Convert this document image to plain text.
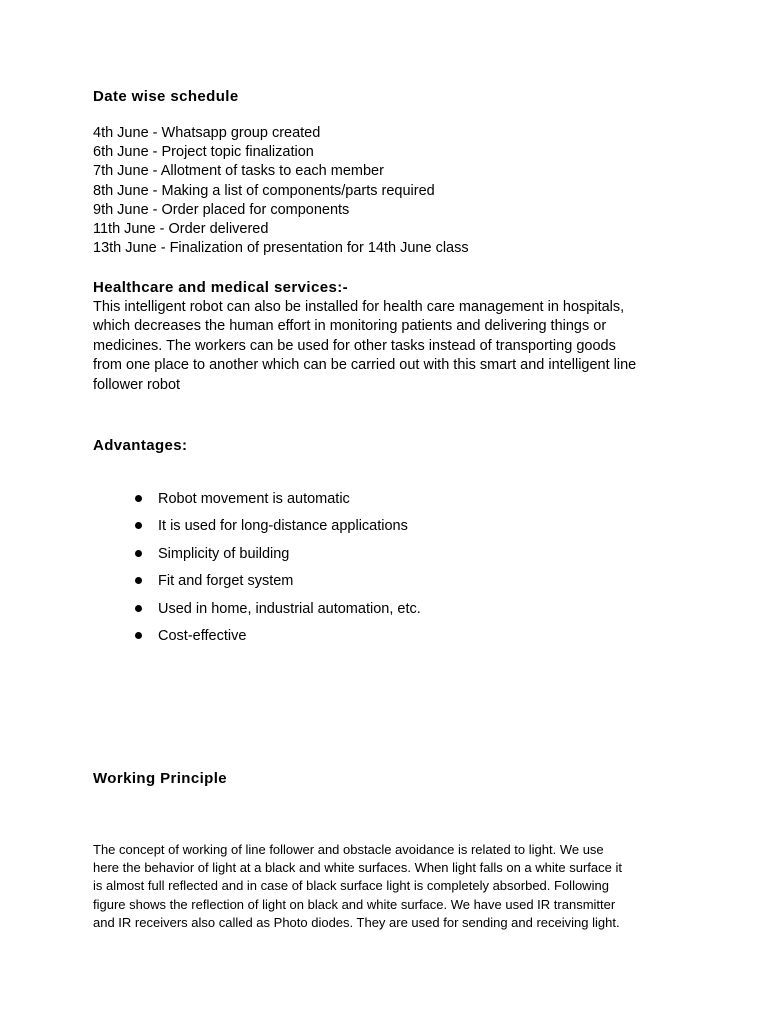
Date wise schedule
4th June - Whatsapp group created
6th June - Project topic finalization
7th June - Allotment of tasks to each member
8th June - Making a list of components/parts required
9th June - Order placed for components
11th June - Order delivered
13th June - Finalization of presentation for 14th June class
Healthcare and medical services:-
This intelligent robot can also be installed for health care management in hospitals,
which decreases the human effort in monitoring patients and delivering things or
medicines. The workers can be used for other tasks instead of transporting goods
from one place to another which can be carried out with this smart and intelligent line
follower robot
Advantages:
Robot movement is automatic
It is used for long-distance applications
Simplicity of building
Fit and forget system
Used in home, industrial automation, etc.
Cost-effective
Working Principle
The concept of working of line follower and obstacle avoidance is related to light. We use
here the behavior of light at a black and white surfaces. When light falls on a white surface it
is almost full reflected and in case of black surface light is completely absorbed. Following
figure shows the reflection of light on black and white surface. We have used IR transmitter
and IR receivers also called as Photo diodes. They are used for sending and receiving light.
